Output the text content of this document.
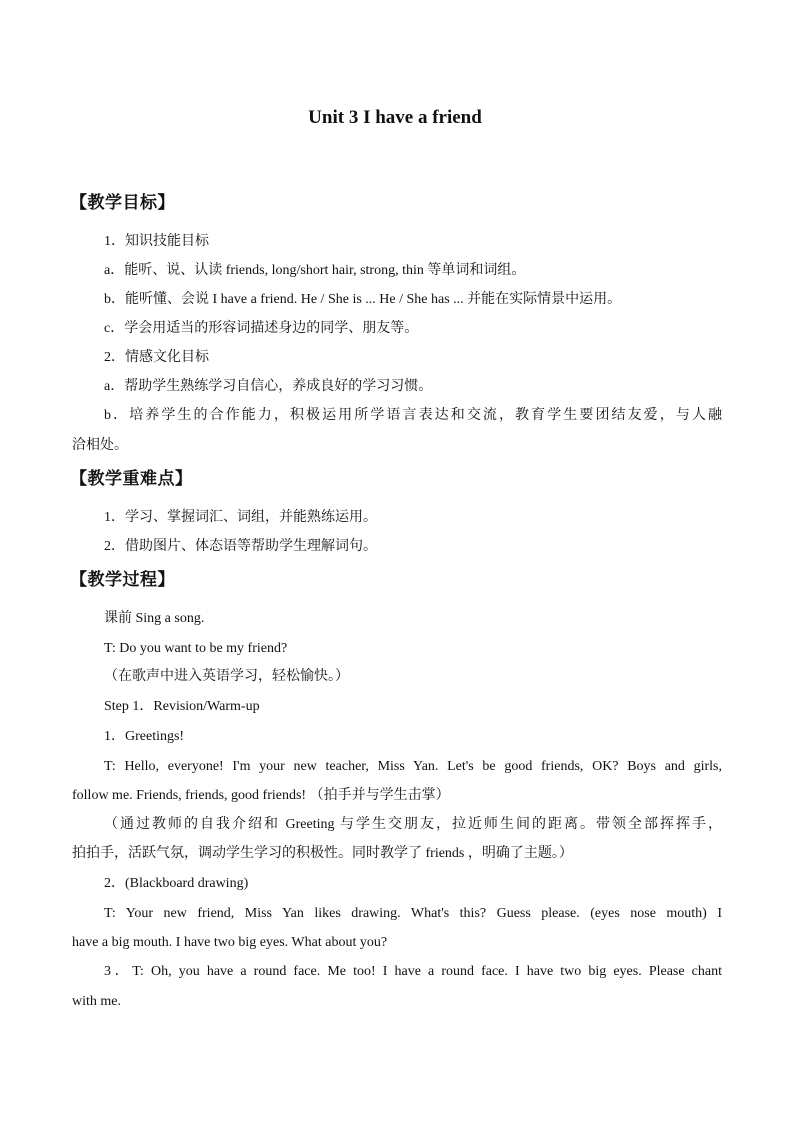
Unit 3 I have a friend
【教学目标】
1．知识技能目标
a．能听、说、认读 friends, long/short hair, strong, thin 等单词和词组。
b．能听懂、会说 I have a friend. He / She is ... He / She has ... 并能在实际情景中运用。
c．学会用适当的形容词描述身边的同学、朋友等。
2．情感文化目标
a．帮助学生熟练学习自信心，养成良好的学习习惯。
b．培养学生的合作能力，积极运用所学语言表达和交流，教育学生要团结友爱，与人融
洽相处。
【教学重难点】
1．学习、掌握词汇、词组，并能熟练运用。
2．借助图片、体态语等帮助学生理解词句。
【教学过程】
课前 Sing a song.
T: Do you want to be my friend?
（在歌声中进入英语学习，轻松愉快。）
Step 1．Revision/Warm-up
1．Greetings!
T: Hello, everyone! I'm your new teacher, Miss Yan. Let's be good friends, OK? Boys and girls,
follow me. Friends, friends, good friends! （拍手并与学生击掌）
（通过教师的自我介绍和 Greeting 与学生交朋友，拉近师生间的距离。带领全部挥挥手，
拍拍手，活跃气氛，调动学生学习的积极性。同时教学了 friends ，明确了主题。）
2．(Blackboard drawing)
T: Your new friend, Miss Yan likes drawing. What's this? Guess please. (eyes nose mouth) I
have a big mouth. I have two big eyes. What about you?
3．T: Oh, you have a round face. Me too! I have a round face. I have two big eyes. Please chant
with me.
